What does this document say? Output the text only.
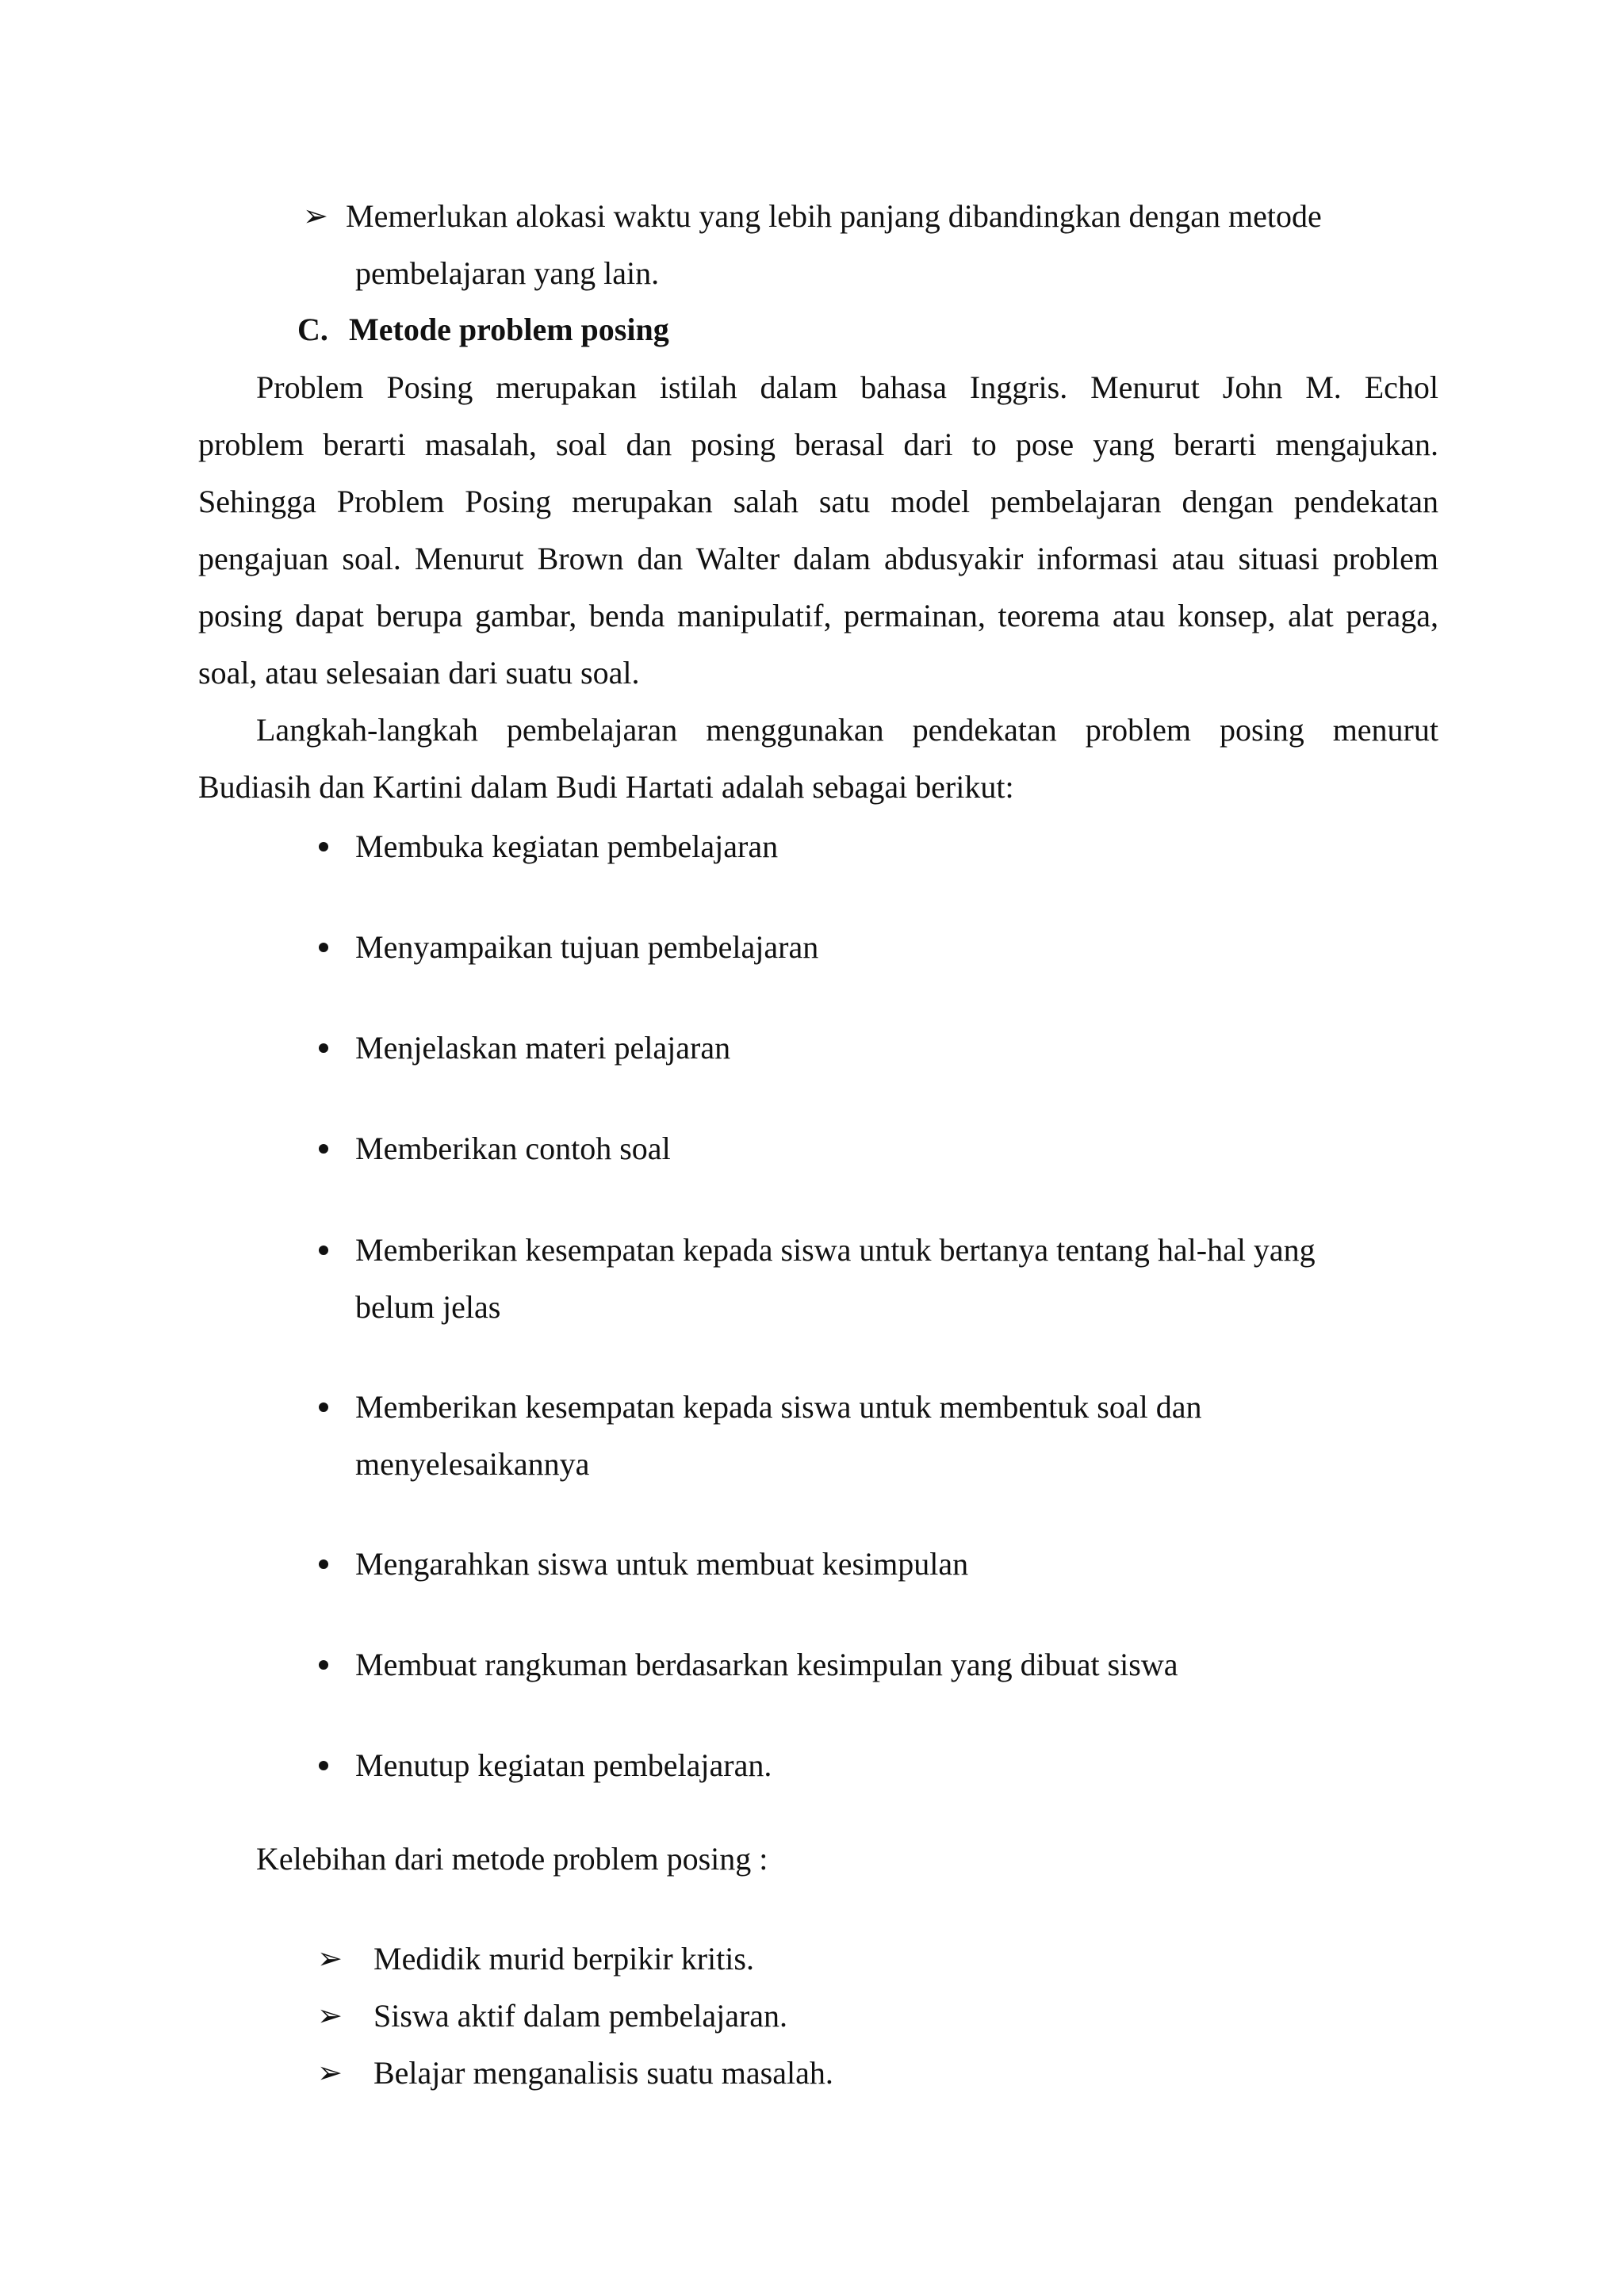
➢ Memerlukan alokasi waktu yang lebih panjang dibandingkan dengan metode
pembelajaran yang lain.
C. Metode problem posing
Problem Posing merupakan istilah dalam bahasa Inggris. Menurut John M. Echol
problem berarti masalah, soal dan posing berasal dari to pose yang berarti mengajukan.
Sehingga Problem Posing merupakan salah satu model pembelajaran dengan pendekatan
pengajuan soal. Menurut Brown dan Walter dalam abdusyakir informasi atau situasi problem
posing dapat berupa gambar, benda manipulatif, permainan, teorema atau konsep, alat peraga,
soal, atau selesaian dari suatu soal.
Langkah-langkah pembelajaran menggunakan pendekatan problem posing menurut
Budiasih dan Kartini dalam Budi Hartati adalah sebagai berikut:
Membuka kegiatan pembelajaran
Menyampaikan tujuan pembelajaran
Menjelaskan materi pelajaran
Memberikan contoh soal
Memberikan kesempatan kepada siswa untuk bertanya tentang hal-hal yang
belum jelas
Memberikan kesempatan kepada siswa untuk membentuk soal dan
menyelesaikannya
Mengarahkan siswa untuk membuat kesimpulan
Membuat rangkuman berdasarkan kesimpulan yang dibuat siswa
Menutup kegiatan pembelajaran.
Kelebihan dari metode problem posing :
➢ Medidik murid berpikir kritis.
➢ Siswa aktif dalam pembelajaran.
➢ Belajar menganalisis suatu masalah.
